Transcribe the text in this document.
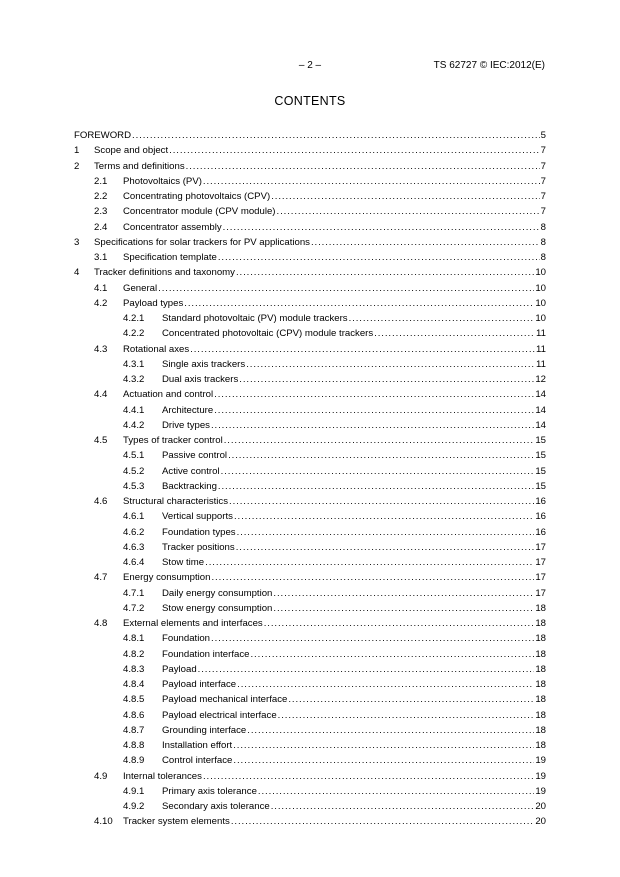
– 2 –	TS 62727 © IEC:2012(E)
CONTENTS
FOREWORD .....	5
1	Scope and object .....	7
2	Terms and definitions .....	7
2.1	Photovoltaics (PV) .....	7
2.2	Concentrating photovoltaics (CPV) .....	7
2.3	Concentrator module (CPV module) .....	7
2.4	Concentrator assembly .....	8
3	Specifications for solar trackers for PV applications .....	8
3.1	Specification template .....	8
4	Tracker definitions and taxonomy .....	10
4.1	General .....	10
4.2	Payload types .....	10
4.2.1	Standard photovoltaic (PV) module trackers .....	10
4.2.2	Concentrated photovoltaic (CPV) module trackers .....	11
4.3	Rotational axes .....	11
4.3.1	Single axis trackers .....	11
4.3.2	Dual axis trackers .....	12
4.4	Actuation and control .....	14
4.4.1	Architecture .....	14
4.4.2	Drive types .....	14
4.5	Types of tracker control .....	15
4.5.1	Passive control .....	15
4.5.2	Active control .....	15
4.5.3	Backtracking .....	15
4.6	Structural characteristics .....	16
4.6.1	Vertical supports .....	16
4.6.2	Foundation types .....	16
4.6.3	Tracker positions .....	17
4.6.4	Stow time .....	17
4.7	Energy consumption .....	17
4.7.1	Daily energy consumption .....	17
4.7.2	Stow energy consumption .....	18
4.8	External elements and interfaces .....	18
4.8.1	Foundation .....	18
4.8.2	Foundation interface .....	18
4.8.3	Payload .....	18
4.8.4	Payload interface .....	18
4.8.5	Payload mechanical interface .....	18
4.8.6	Payload electrical interface .....	18
4.8.7	Grounding interface .....	18
4.8.8	Installation effort .....	18
4.8.9	Control interface .....	19
4.9	Internal tolerances .....	19
4.9.1	Primary axis tolerance .....	19
4.9.2	Secondary axis tolerance .....	20
4.10	Tracker system elements .....	20
